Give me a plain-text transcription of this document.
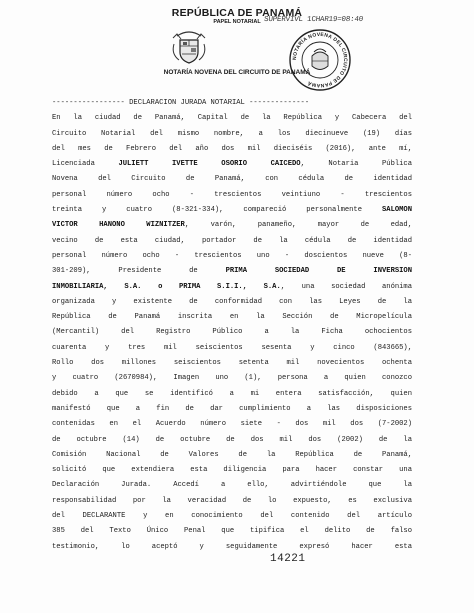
REPÚBLICA DE PANAMÁ
PAPEL NOTARIAL SUPERVIVL 1CHAR19=08:40
NOTARÍA NOVENA DEL CIRCUITO DE PANAMÁ
NOTARÍA NOVENA DEL CIRCUITO DE PANAMÁ
----------------- DECLARACION JURADA NOTARIAL --------------
En la ciudad de Panamá, Capital de la República y Cabecera del
Circuito Notarial del mismo nombre, a los diecinueve (19) días
del mes de Febrero del año dos mil dieciséis (2016), ante mí,
Licenciada JULIETT IVETTE OSORIO CAICEDO, Notaria Pública
Novena del Circuito de Panamá, con cédula de identidad
personal número ocho - trescientos veintiuno - trescientos
treinta y cuatro (8-321-334), compareció personalmente SALOMON
VICTOR HANONO WIZNITZER, varón, panameño, mayor de edad,
vecino de esta ciudad, portador de la cédula de identidad
personal número ocho - trescientos uno - doscientos nueve (8-
301-209), Presidente de PRIMA SOCIEDAD DE INVERSION
INMOBILIARIA, S.A. o PRIMA S.I.I., S.A., una sociedad anónima
organizada y existente de conformidad con las Leyes de la
República de Panamá inscrita en la Sección de Micropelícula
(Mercantil) del Registro Público a la Ficha ochocientos
cuarenta y tres mil seiscientos sesenta y cinco (843665),
Rollo dos millones seiscientos setenta mil novecientos ochenta
y cuatro (2670984), Imagen uno (1), persona a quien conozco
debido a que se identificó a mi entera satisfacción, quien
manifestó que a fin de dar cumplimiento a las disposiciones
contenidas en el Acuerdo número siete - dos mil dos (7-2002)
de octubre (14) de octubre de dos mil dos (2002) de la
Comisión Nacional de Valores de la República de Panamá,
solicitó que extendiera esta diligencia para hacer constar una
Declaración Jurada. Accedí a ello, advirtiéndole que la
responsabilidad por la veracidad de lo expuesto, es exclusiva
del DECLARANTE y en conocimiento del contenido del artículo
385 del Texto Único Penal que tipifica el delito de falso
testimonio, lo aceptó y seguidamente expresó hacer esta
14221
